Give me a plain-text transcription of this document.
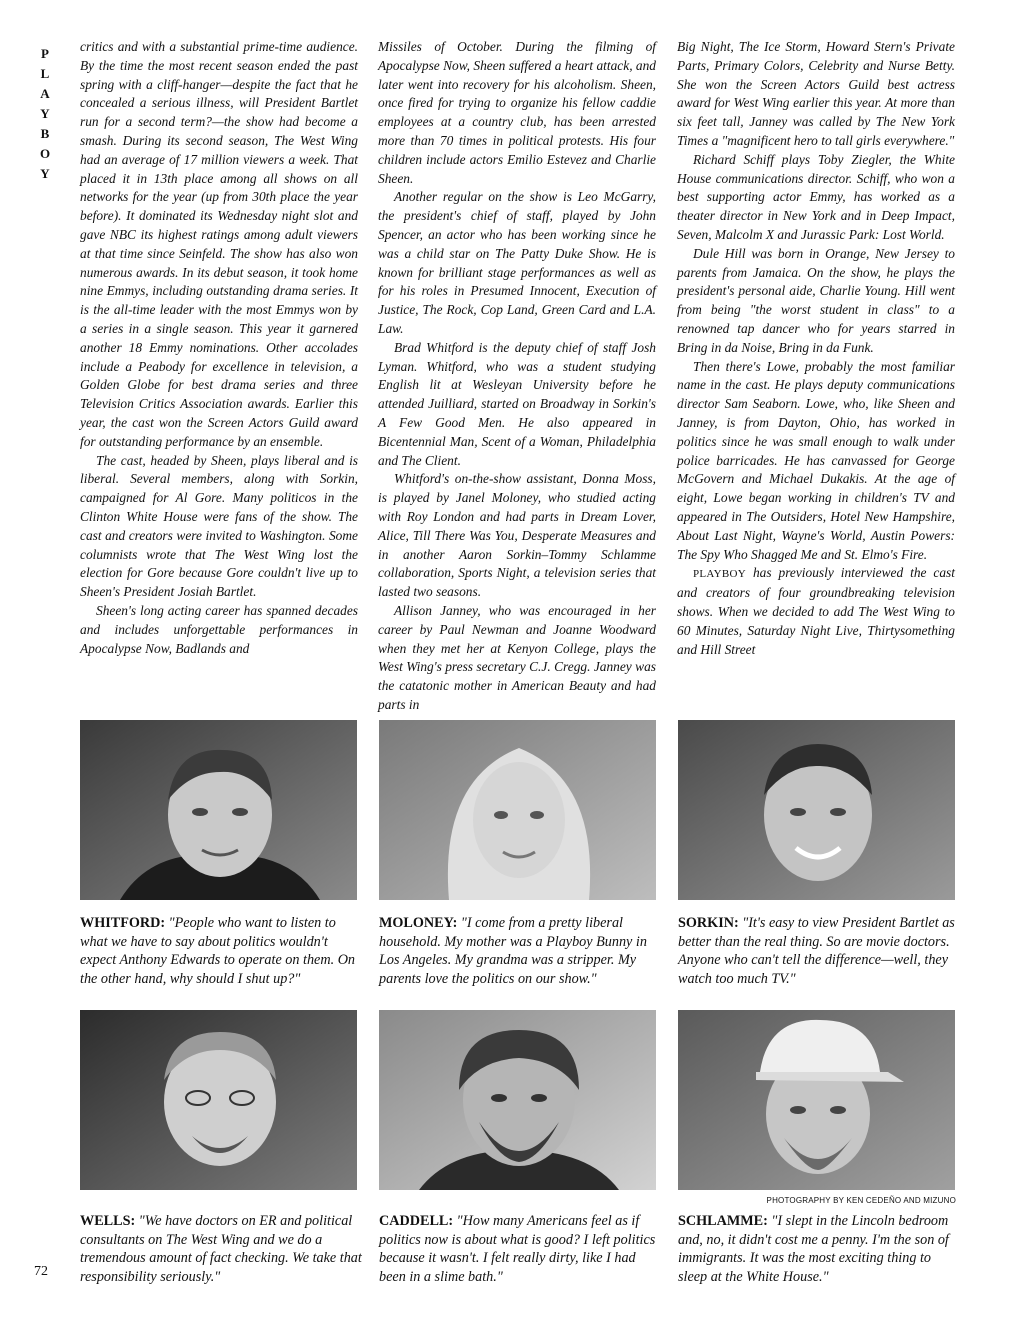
P
L
A
Y
B
O
Y

critics and with a substantial prime-time audience. By the time the most recent season ended the past spring with a cliff-hanger—despite the fact that he concealed a serious illness, will President Bartlet run for a second term?—the show had become a smash. During its second season, The West Wing had an average of 17 million viewers a week. That placed it in 13th place among all shows on all networks for the year (up from 30th place the year before). It dominated its Wednesday night slot and gave NBC its highest ratings among adult viewers at that time since Seinfeld. The show has also won numerous awards. In its debut season, it took home nine Emmys, including outstanding drama series. It is the all-time leader with the most Emmys won by a series in a single season. This year it garnered another 18 Emmy nominations. Other accolades include a Peabody for excellence in television, a Golden Globe for best drama series and three Television Critics Association awards. Earlier this year, the cast won the Screen Actors Guild award for outstanding performance by an ensemble.

The cast, headed by Sheen, plays liberal and is liberal. Several members, along with Sorkin, campaigned for Al Gore. Many politicos in the Clinton White House were fans of the show. The cast and creators were invited to Washington. Some columnists wrote that The West Wing lost the election for Gore because Gore couldn't live up to Sheen's President Josiah Bartlet.

Sheen's long acting career has spanned decades and includes unforgettable performances in Apocalypse Now, Badlands and

Missiles of October. During the filming of Apocalypse Now, Sheen suffered a heart attack, and later went into recovery for his alcoholism. Sheen, once fired for trying to organize his fellow caddie employees at a country club, has been arrested more than 70 times in political protests. His four children include actors Emilio Estevez and Charlie Sheen.

Another regular on the show is Leo McGarry, the president's chief of staff, played by John Spencer, an actor who has been working since he was a child star on The Patty Duke Show. He is known for brilliant stage performances as well as for his roles in Presumed Innocent, Execution of Justice, The Rock, Cop Land, Green Card and L.A. Law.

Brad Whitford is the deputy chief of staff Josh Lyman. Whitford, who was a student studying English lit at Wesleyan University before he attended Juilliard, started on Broadway in Sorkin's A Few Good Men. He also appeared in Bicentennial Man, Scent of a Woman, Philadelphia and The Client.

Whitford's on-the-show assistant, Donna Moss, is played by Janel Moloney, who studied acting with Roy London and had parts in Dream Lover, Alice, Till There Was You, Desperate Measures and in another Aaron Sorkin–Tommy Schlamme collaboration, Sports Night, a television series that lasted two seasons.

Allison Janney, who was encouraged in her career by Paul Newman and Joanne Woodward when they met her at Kenyon College, plays the West Wing's press secretary C.J. Cregg. Janney was the catatonic mother in American Beauty and had parts in

Big Night, The Ice Storm, Howard Stern's Private Parts, Primary Colors, Celebrity and Nurse Betty. She won the Screen Actors Guild best actress award for West Wing earlier this year. At more than six feet tall, Janney was called by The New York Times a "magnificent hero to tall girls everywhere."

Richard Schiff plays Toby Ziegler, the White House communications director. Schiff, who won a best supporting actor Emmy, has worked as a theater director in New York and in Deep Impact, Seven, Malcolm X and Jurassic Park: Lost World.

Dule Hill was born in Orange, New Jersey to parents from Jamaica. On the show, he plays the president's personal aide, Charlie Young. Hill went from being "the worst student in class" to a renowned tap dancer who for years starred in Bring in da Noise, Bring in da Funk.

Then there's Lowe, probably the most familiar name in the cast. He plays deputy communications director Sam Seaborn. Lowe, who, like Sheen and Janney, is from Dayton, Ohio, has worked in politics since he was small enough to walk under police barricades. He has canvassed for George McGovern and Michael Dukakis. At the age of eight, Lowe began working in children's TV and appeared in The Outsiders, Hotel New Hampshire, About Last Night, Wayne's World, Austin Powers: The Spy Who Shagged Me and St. Elmo's Fire.

PLAYBOY has previously interviewed the cast and creators of four groundbreaking television shows. When we decided to add The West Wing to 60 Minutes, Saturday Night Live, Thirtysomething and Hill Street

WHITFORD: "People who want to listen to what we have to say about politics wouldn't expect Anthony Edwards to operate on them. On the other hand, why should I shut up?"
MOLONEY: "I come from a pretty liberal household. My mother was a Playboy Bunny in Los Angeles. My grandma was a stripper. My parents love the politics on our show."
SORKIN: "It's easy to view President Bartlet as better than the real thing. So are movie doctors. Anyone who can't tell the difference—well, they watch too much TV."
PHOTOGRAPHY BY KEN CEDEÑO AND MIZUNO
WELLS: "We have doctors on ER and political consultants on The West Wing and we do a tremendous amount of fact checking. We take that responsibility seriously."
CADDELL: "How many Americans feel as if politics now is about what is good? I left politics because it wasn't. I felt really dirty, like I had been in a slime bath."
SCHLAMME: "I slept in the Lincoln bedroom and, no, it didn't cost me a penny. I'm the son of immigrants. It was the most exciting thing to sleep at the White House."
72
